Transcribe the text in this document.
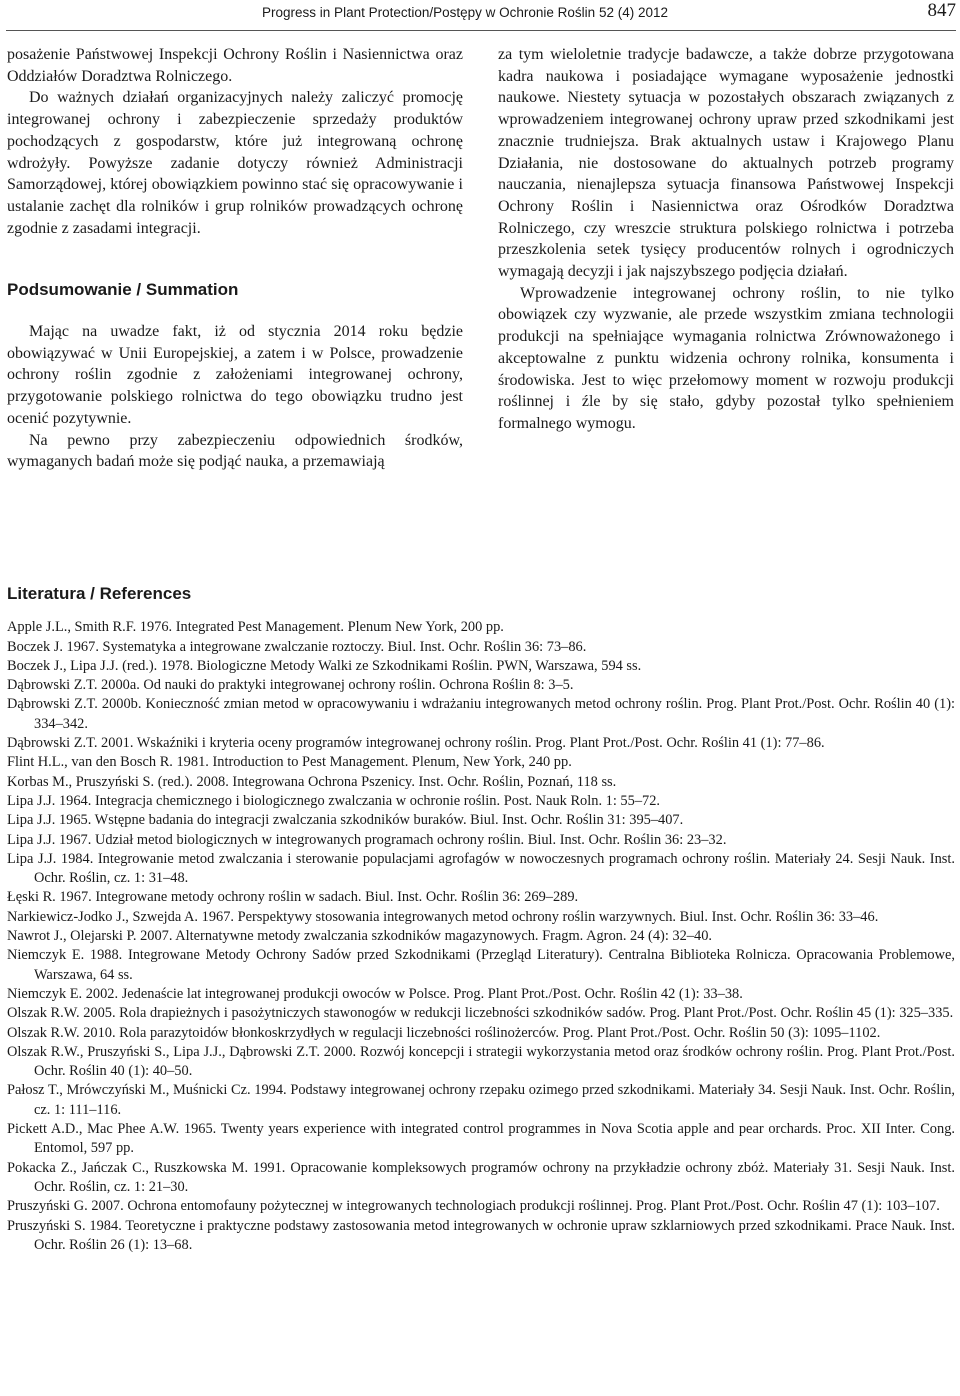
Progress in Plant Protection/Postępy w Ochronie Roślin 52 (4) 2012	847

posażenie Państwowej Inspekcji Ochrony Roślin i Nasiennictwa oraz Oddziałów Doradztwa Rolniczego.

Do ważnych działań organizacyjnych należy zaliczyć promocję integrowanej ochrony i zabezpieczenie sprzedaży produktów pochodzących z gospodarstw, które już integrowaną ochronę wdrożyły. Powyższe zadanie dotyczy również Administracji Samorządowej, której obowiązkiem powinno stać się opracowywanie i ustalanie zachęt dla rolników i grup rolników prowadzących ochronę zgodnie z zasadami integracji.

Podsumowanie / Summation

Mając na uwadze fakt, iż od stycznia 2014 roku będzie obowiązywać w Unii Europejskiej, a zatem i w Polsce, prowadzenie ochrony roślin zgodnie z założeniami integrowanej ochrony, przygotowanie polskiego rolnictwa do tego obowiązku trudno jest ocenić pozytywnie.

Na pewno przy zabezpieczeniu odpowiednich środków, wymaganych badań może się podjąć nauka, a przemawiają

za tym wieloletnie tradycje badawcze, a także dobrze przygotowana kadra naukowa i posiadające wymagane wyposażenie jednostki naukowe. Niestety sytuacja w pozostałych obszarach związanych z wprowadzeniem integrowanej ochrony upraw przed szkodnikami jest znacznie trudniejsza. Brak aktualnych ustaw i Krajowego Planu Działania, nie dostosowane do aktualnych potrzeb programy nauczania, nienajlepsza sytuacja finansowa Państwowej Inspekcji Ochrony Roślin i Nasiennictwa oraz Ośrodków Doradztwa Rolniczego, czy wreszcie struktura polskiego rolnictwa i potrzeba przeszkolenia setek tysięcy producentów rolnych i ogrodniczych wymagają decyzji i jak najszybszego podjęcia działań.

Wprowadzenie integrowanej ochrony roślin, to nie tylko obowiązek czy wyzwanie, ale przede wszystkim zmiana technologii produkcji na spełniające wymagania rolnictwa Zrównoważonego i akceptowalne z punktu widzenia ochrony rolnika, konsumenta i środowiska. Jest to więc przełomowy moment w rozwoju produkcji roślinnej i źle by się stało, gdyby pozostał tylko spełnieniem formalnego wymogu.

Literatura / References

Apple J.L., Smith R.F. 1976. Integrated Pest Management. Plenum New York, 200 pp.

Boczek J. 1967. Systematyka a integrowane zwalczanie roztoczy. Biul. Inst. Ochr. Roślin 36: 73–86.

Boczek J., Lipa J.J. (red.). 1978. Biologiczne Metody Walki ze Szkodnikami Roślin. PWN, Warszawa, 594 ss.

Dąbrowski Z.T. 2000a. Od nauki do praktyki integrowanej ochrony roślin. Ochrona Roślin 8: 3–5.

Dąbrowski Z.T. 2000b. Konieczność zmian metod w opracowywaniu i wdrażaniu integrowanych metod ochrony roślin. Prog. Plant Prot./Post. Ochr. Roślin 40 (1): 334–342.

Dąbrowski Z.T. 2001. Wskaźniki i kryteria oceny programów integrowanej ochrony roślin. Prog. Plant Prot./Post. Ochr. Roślin 41 (1): 77–86.

Flint H.L., van den Bosch R. 1981. Introduction to Pest Management. Plenum, New York, 240 pp.

Korbas M., Pruszyński S. (red.). 2008. Integrowana Ochrona Pszenicy. Inst. Ochr. Roślin, Poznań, 118 ss.

Lipa J.J. 1964. Integracja chemicznego i biologicznego zwalczania w ochronie roślin. Post. Nauk Roln. 1: 55–72.

Lipa J.J. 1965. Wstępne badania do integracji zwalczania szkodników buraków. Biul. Inst. Ochr. Roślin 31: 395–407.

Lipa J.J. 1967. Udział metod biologicznych w integrowanych programach ochrony roślin. Biul. Inst. Ochr. Roślin 36: 23–32.

Lipa J.J. 1984. Integrowanie metod zwalczania i sterowanie populacjami agrofagów w nowoczesnych programach ochrony roślin. Materiały 24. Sesji Nauk. Inst. Ochr. Roślin, cz. 1: 31–48.

Łęski R. 1967. Integrowane metody ochrony roślin w sadach. Biul. Inst. Ochr. Roślin 36: 269–289.

Narkiewicz-Jodko J., Szwejda A. 1967. Perspektywy stosowania integrowanych metod ochrony roślin warzywnych. Biul. Inst. Ochr. Roślin 36: 33–46.

Nawrot J., Olejarski P. 2007. Alternatywne metody zwalczania szkodników magazynowych. Fragm. Agron. 24 (4): 32–40.

Niemczyk E. 1988. Integrowane Metody Ochrony Sadów przed Szkodnikami (Przegląd Literatury). Centralna Biblioteka Rolnicza. Opracowania Problemowe, Warszawa, 64 ss.

Niemczyk E. 2002. Jedenaście lat integrowanej produkcji owoców w Polsce. Prog. Plant Prot./Post. Ochr. Roślin 42 (1): 33–38.

Olszak R.W. 2005. Rola drapieżnych i pasożytniczych stawonogów w redukcji liczebności szkodników sadów. Prog. Plant Prot./Post. Ochr. Roślin 45 (1): 325–335.

Olszak R.W. 2010. Rola parazytoidów błonkoskrzydłych w regulacji liczebności roślinożerców. Prog. Plant Prot./Post. Ochr. Roślin 50 (3): 1095–1102.

Olszak R.W., Pruszyński S., Lipa J.J., Dąbrowski Z.T. 2000. Rozwój koncepcji i strategii wykorzystania metod oraz środków ochrony roślin. Prog. Plant Prot./Post. Ochr. Roślin 40 (1): 40–50.

Pałosz T., Mrówczyński M., Muśnicki Cz. 1994. Podstawy integrowanej ochrony rzepaku ozimego przed szkodnikami. Materiały 34. Sesji Nauk. Inst. Ochr. Roślin, cz. 1: 111–116.

Pickett A.D., Mac Phee A.W. 1965. Twenty years experience with integrated control programmes in Nova Scotia apple and pear orchards. Proc. XII Inter. Cong. Entomol, 597 pp.

Pokacka Z., Jańczak C., Ruszkowska M. 1991. Opracowanie kompleksowych programów ochrony na przykładzie ochrony zbóż. Materiały 31. Sesji Nauk. Inst. Ochr. Roślin, cz. 1: 21–30.

Pruszyński G. 2007. Ochrona entomofauny pożytecznej w integrowanych technologiach produkcji roślinnej. Prog. Plant Prot./Post. Ochr. Roślin 47 (1): 103–107.

Pruszyński S. 1984. Teoretyczne i praktyczne podstawy zastosowania metod integrowanych w ochronie upraw szklarniowych przed szkodnikami. Prace Nauk. Inst. Ochr. Roślin 26 (1): 13–68.
